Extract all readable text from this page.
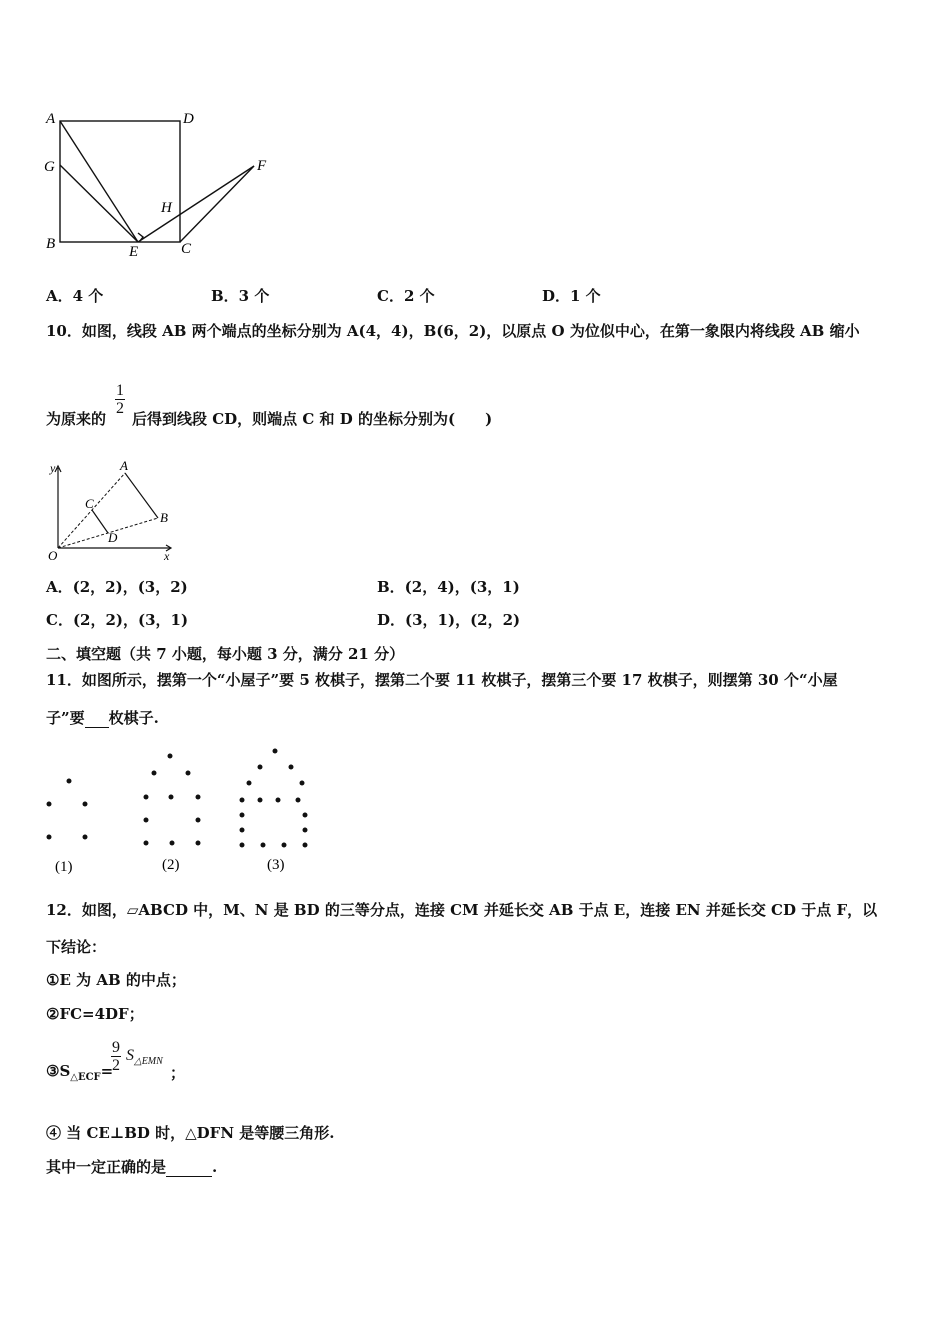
A	D
G	F
H
B	E	C
A．4 个	B．3 个	C．2 个	D．1 个
10．如图，线段 AB 两个端点的坐标分别为 A(4，4)，B(6，2)，以原点 O 为位似中心，在第一象限内将线段 AB 缩小
1
2
为原来的 后得到线段 CD，则端点 C 和 D 的坐标分别为(　　)
y	A
C
B
D
O	x
A．(2，2)，(3，2)	B．(2，4)，(3，1)
C．(2，2)，(3，1)	D．(3，1)，(2，2)
二、填空题（共 7 小题，每小题 3 分，满分 21 分）
11．如图所示，摆第一个“小屋子”要 5 枚棋子，摆第二个要 11 枚棋子，摆第三个要 17 枚棋子，则摆第 30 个“小屋
子”要 枚棋子.
(1)	(2)	(3)
12．如图，▱ABCD 中，M、N 是 BD 的三等分点，连接 CM 并延长交 AB 于点 E，连接 EN 并延长交 CD 于点 F，以
下结论：
①E 为 AB 的中点；
②FC=4DF；
$③S_{\triangle ECF}=$
9
2
$S_{\triangle EMN}$
；
④ 当 CE⊥BD 时，△DFN 是等腰三角形.
其中一定正确的是	.
